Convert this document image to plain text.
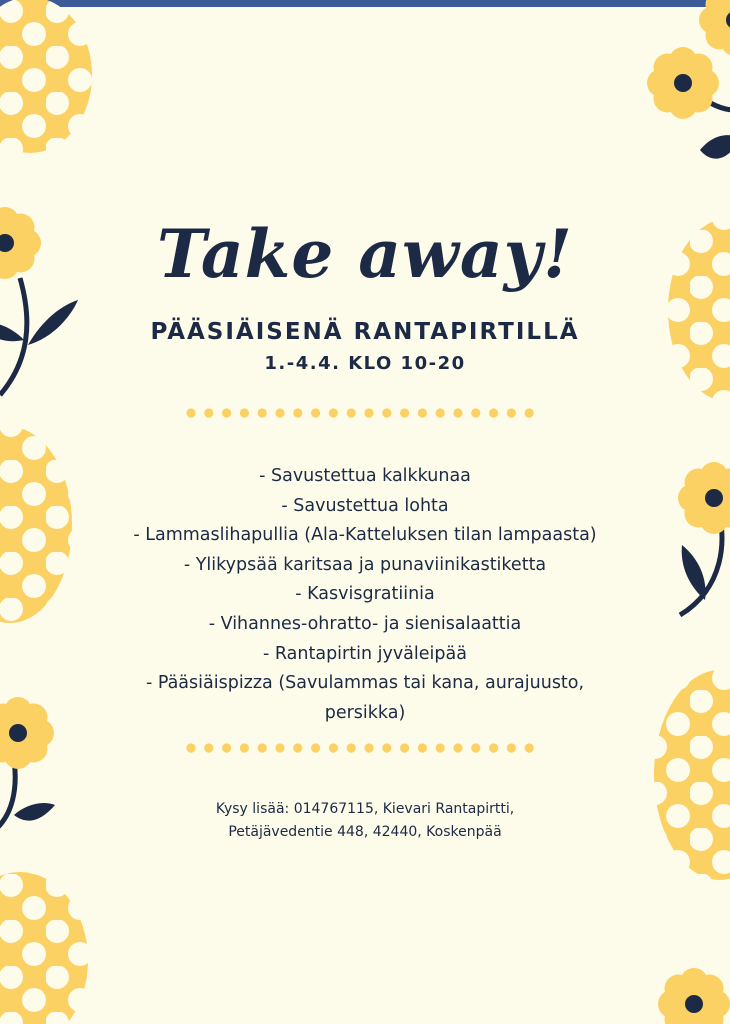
Take away!
PÄÄSIÄISENÄ RANTAPIRTILLÄ
1.-4.4. KLO 10-20
- Savustettua kalkkunaa
- Savustettua lohta
- Lammaslihapullia (Ala-Katteluksen tilan lampaasta)
- Ylikypsää karitsaa ja punaviinikastiketta
- Kasvisgratiinia
- Vihannes-ohratto- ja sienisalaattia
- Rantapirtin jyväleipää
- Pääsiäispizza (Savulammas tai kana, aurajuusto,
persikka)
Kysy lisää: 014767115, Kievari Rantapirtti,
Petäjävedentie 448, 42440, Koskenpää
